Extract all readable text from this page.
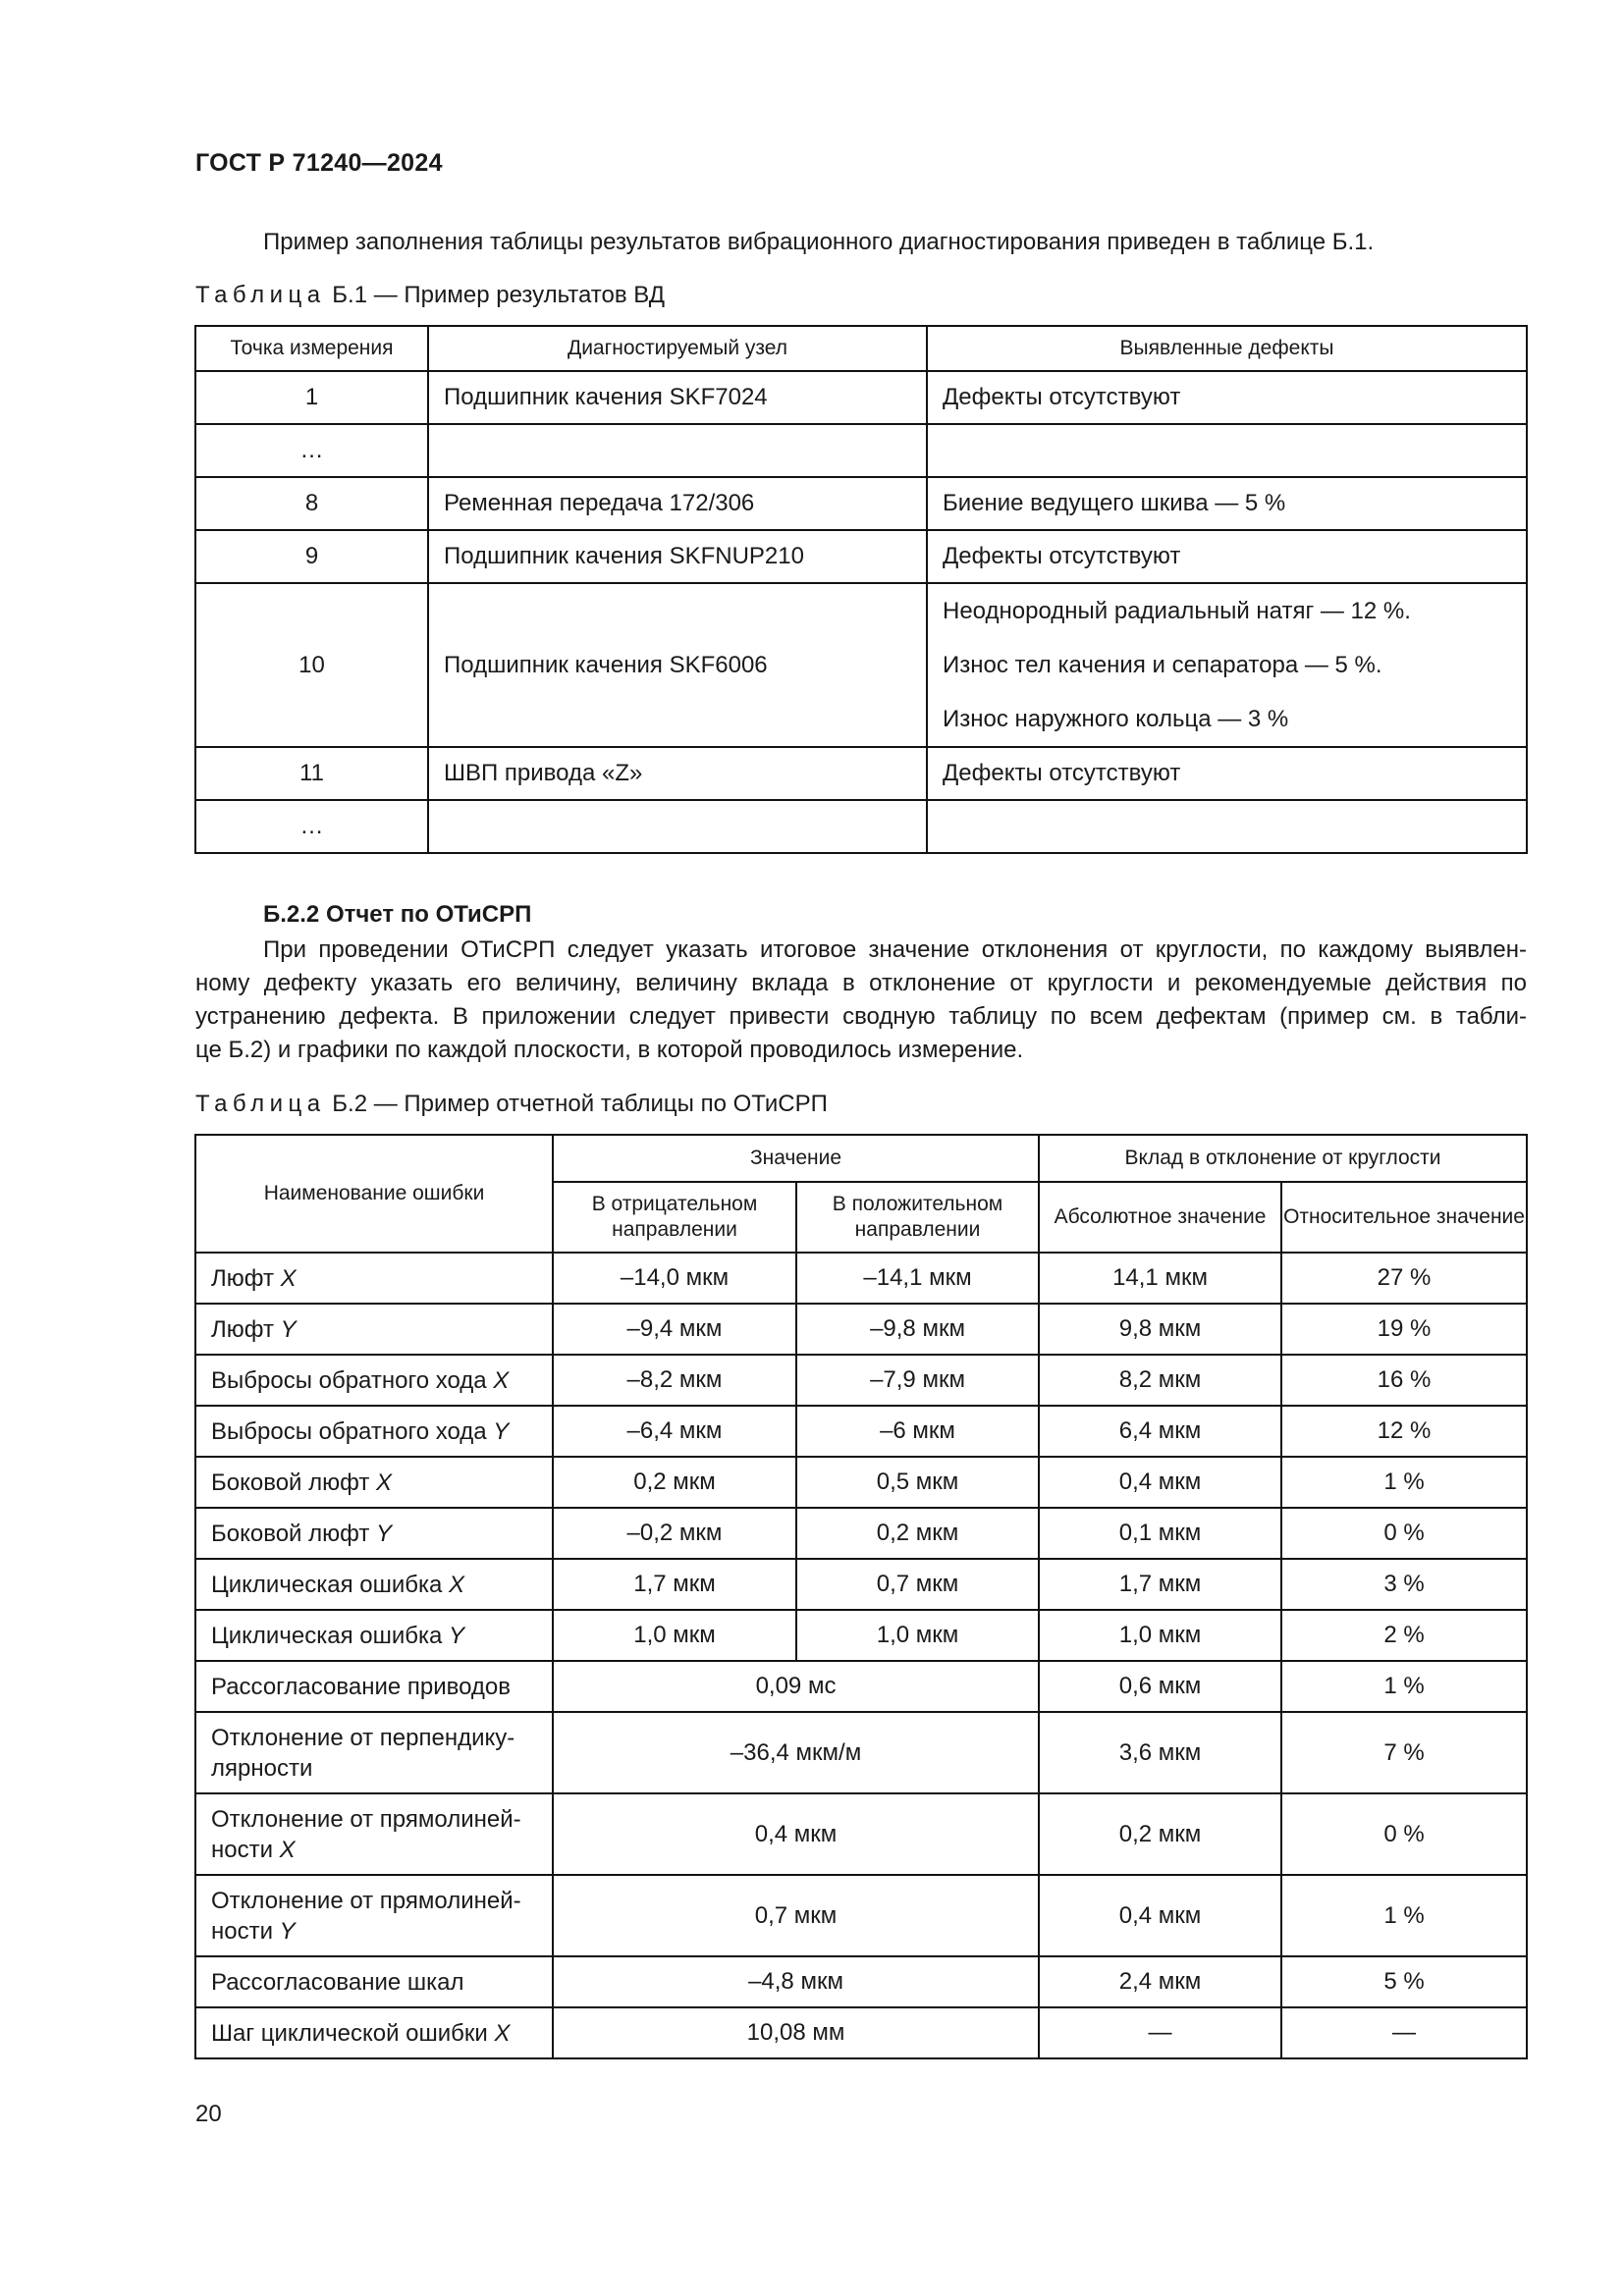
ГОСТ Р 71240—2024
Пример заполнения таблицы результатов вибрационного диагностирования приведен в таблице Б.1.
Таблица Б.1 — Пример результатов ВД
Точка измерения	Диагностируемый узел	Выявленные дефекты
1	Подшипник качения SKF7024	Дефекты отсутствуют
…		
8	Ременная передача 172/306	Биение ведущего шкива — 5 %
9	Подшипник качения SKFNUP210	Дефекты отсутствуют
10	Подшипник качения SKF6006	Неоднородный радиальный натяг — 12 %.
Износ тел качения и сепаратора — 5 %.
Износ наружного кольца — 3 %

11	ШВП привода «Z»	Дефекты отсутствуют
…		
Б.2.2 Отчет по ОТиСРП
При проведении ОТиСРП следует указать итоговое значение отклонения от круглости, по каждому выявлен-
ному дефекту указать его величину, величину вклада в отклонение от круглости и рекомендуемые действия по
устранению дефекта. В приложении следует привести сводную таблицу по всем дефектам (пример см. в табли-
це Б.2) и графики по каждой плоскости, в которой проводилось измерение.
Таблица Б.2 — Пример отчетной таблицы по ОТиСРП
Наименование ошибки	Значение		Вклад в отклонение от круглости	
	В отрицательном направлении	В положительном направлении	Абсолютное значение	Относительное значение
Люфт X	–14,0 мкм	–14,1 мкм	14,1 мкм	27 %
Люфт Y	–9,4 мкм	–9,8 мкм	9,8 мкм	19 %
Выбросы обратного хода X	–8,2 мкм	–7,9 мкм	8,2 мкм	16 %
Выбросы обратного хода Y	–6,4 мкм	–6 мкм	6,4 мкм	12 %
Боковой люфт X	0,2 мкм	0,5 мкм	0,4 мкм	1 %
Боковой люфт Y	–0,2 мкм	0,2 мкм	0,1 мкм	0 %
Циклическая ошибка X	1,7 мкм	0,7 мкм	1,7 мкм	3 %
Циклическая ошибка Y	1,0 мкм	1,0 мкм	1,0 мкм	2 %
Рассогласование приводов	0,09 мс		0,6 мкм	1 %
Отклонение от перпендику-
лярности	–36,4 мкм/м		3,6 мкм	7 %
Отклонение от прямолиней-
ности X	0,4 мкм		0,2 мкм	0 %
Отклонение от прямолиней-
ности Y	0,7 мкм		0,4 мкм	1 %
Рассогласование шкал	–4,8 мкм		2,4 мкм	5 %
Шаг циклической ошибки X	10,08 мм		—	—
20
